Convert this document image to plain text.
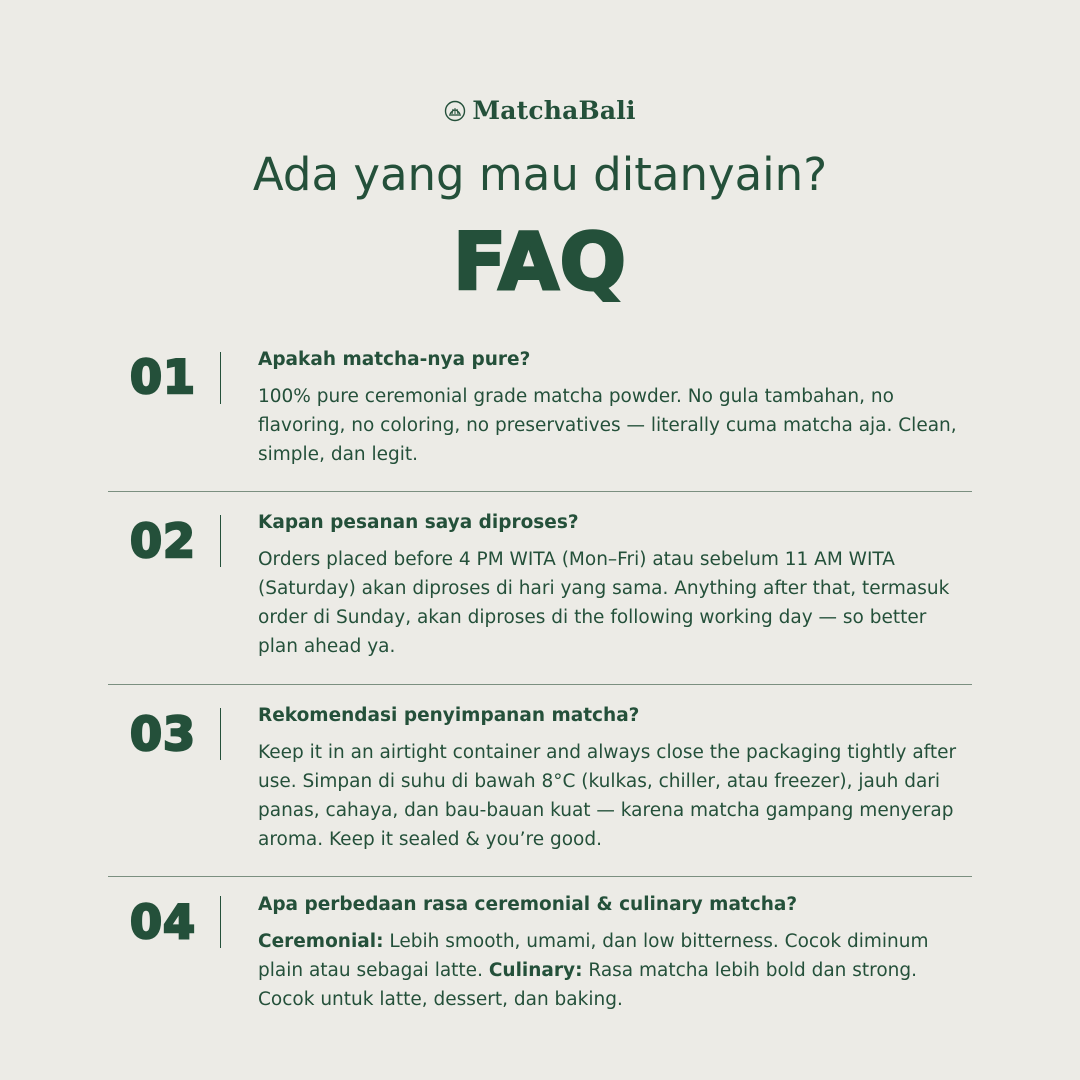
MatchaBali
Ada yang mau ditanyain?
FAQ
01	Apakah matcha-nya pure?
100% pure ceremonial grade matcha powder. No gula tambahan, no flavoring, no coloring, no preservatives — literally cuma matcha aja. Clean, simple, dan legit.
02	Kapan pesanan saya diproses?
Orders placed before 4 PM WITA (Mon–Fri) atau sebelum 11 AM WITA (Saturday) akan diproses di hari yang sama. Anything after that, termasuk order di Sunday, akan diproses di the following working day — so better plan ahead ya.
03	Rekomendasi penyimpanan matcha?
Keep it in an airtight container and always close the packaging tightly after use. Simpan di suhu di bawah 8°C (kulkas, chiller, atau freezer), jauh dari panas, cahaya, dan bau-bauan kuat — karena matcha gampang menyerap aroma. Keep it sealed & you’re good.
04	Apa perbedaan rasa ceremonial & culinary matcha?
Ceremonial: Lebih smooth, umami, dan low bitterness. Cocok diminum plain atau sebagai latte. Culinary: Rasa matcha lebih bold dan strong. Cocok untuk latte, dessert, dan baking.
